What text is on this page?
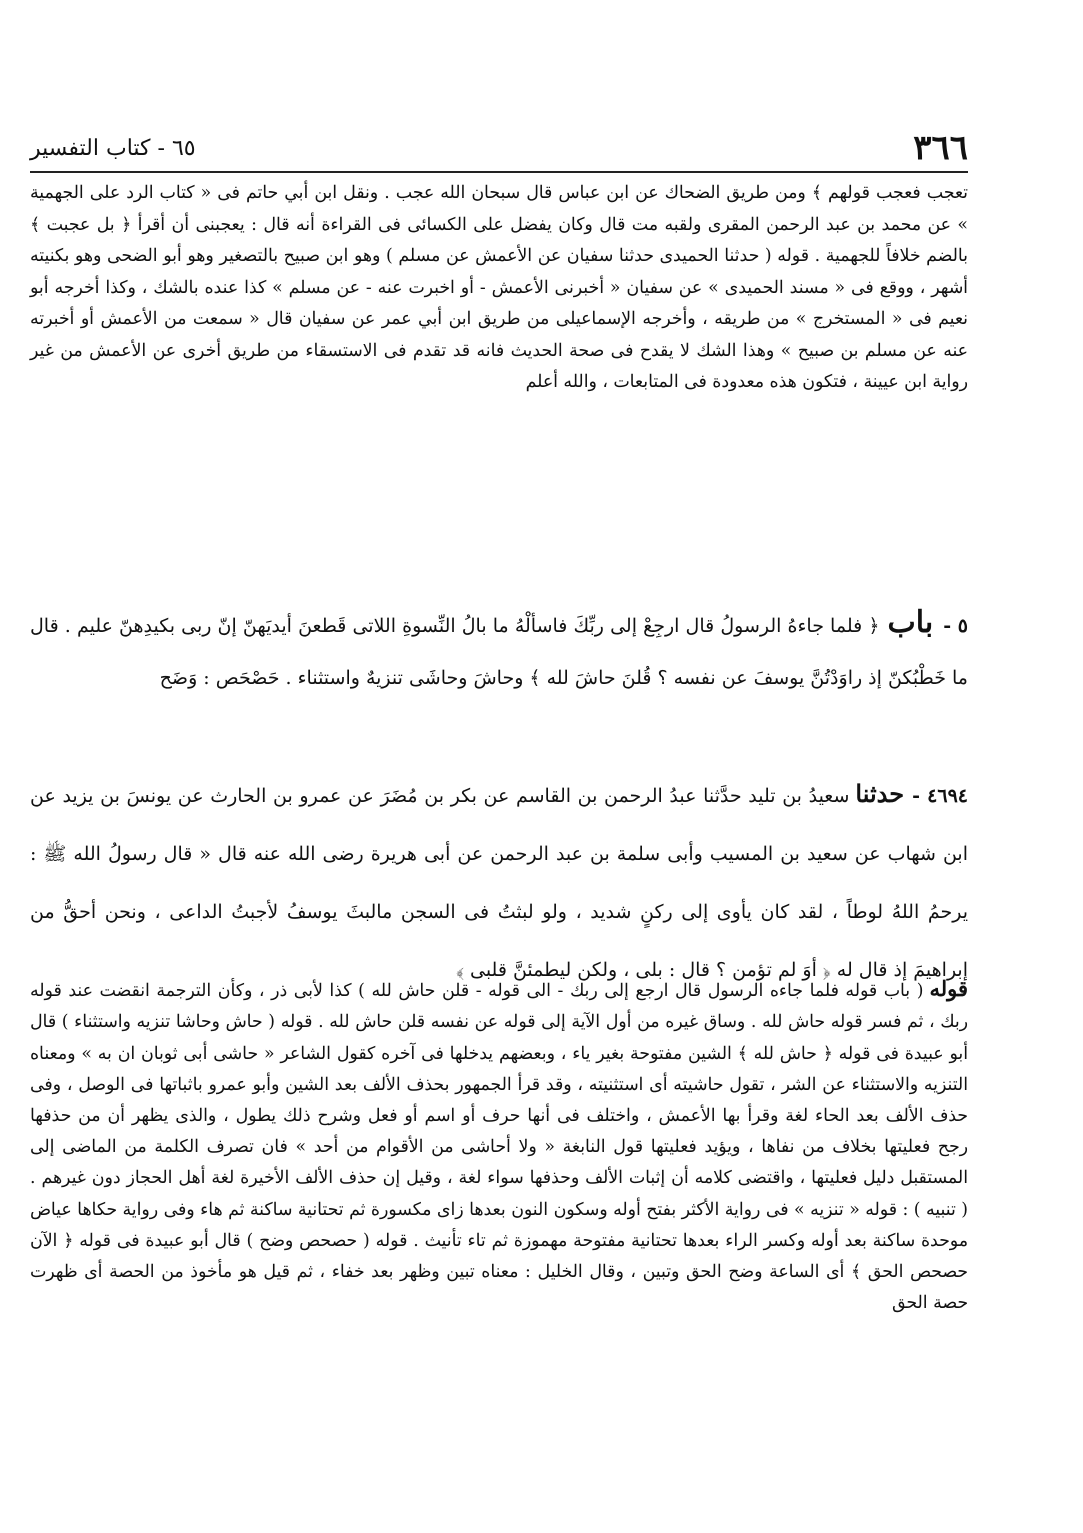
٣٦٦
٦٥ - كتاب التفسير
تعجب فعجب قولهم ﴾ ومن طريق الضحاك عن ابن عباس قال سبحان الله عجب . ونقل ابن أبي حاتم فى « كتاب الرد على الجهمية » عن محمد بن عبد الرحمن المقرى ولقبه مت قال وكان يفضل على الكسائى فى القراءة أنه قال : يعجبنى أن أقرأ ﴿ بل عجبت ﴾ بالضم خلافاً للجهمية . قوله ( حدثنا الحميدى حدثنا سفيان عن الأعمش عن مسلم ) وهو ابن صبيح بالتصغير وهو أبو الضحى وهو بكنيته أشهر ، ووقع فى « مسند الحميدى » عن سفيان « أخبرنى الأعمش - أو اخبرت عنه - عن مسلم » كذا عنده بالشك ، وكذا أخرجه أبو نعيم فى « المستخرج » من طريقه ، وأخرجه الإسماعيلى من طريق ابن أبي عمر عن سفيان قال « سمعت من الأعمش أو أخبرته عنه عن مسلم بن صبيح » وهذا الشك لا يقدح فى صحة الحديث فانه قد تقدم فى الاستسقاء من طريق أخرى عن الأعمش من غير رواية ابن عيينة ، فتكون هذه معدودة فى المتابعات ، والله أعلم

٥ -باب﴿ فلما جاءهُ الرسولُ قال ارجِعْ إلى ربِّكَ فاسألْهُ ما بالُ النِّسوةِ اللاتى قَطعنَ أيديَهنّ إنّ ربى بكيدِهنّ عليم . قال ما خَطْبُكنّ إذ راوَدْتُنَّ يوسفَ عن نفسه ؟ قُلنَ حاشَ لله ﴾ وحاشَ وحاشَى تنزيهٌ واستثناء . حَصْحَص : وَضَح

٤٦٩٤ -حدثناسعيدُ بن تليد حدَّثنا عبدُ الرحمن بن القاسم عن بكر بن مُضَرَ عن عمرو بن الحارث عن يونسَ بن يزيد عن ابن شهاب عن سعيد بن المسيب وأبى سلمة بن عبد الرحمن عن أبى هريرة رضى الله عنه قال « قال رسولُ الله ﷺ : يرحمُ اللهُ لوطاً ، لقد كان يأوى إلى ركنٍ شديد ، ولو لبثتُ فى السجن مالبثَ يوسفُ لأجبتُ الداعى ، ونحن أحقُّ من إبراهيمَ إذ قال له ﴿ أوَ لم تؤمن ؟ قال : بلى ، ولكن ليطمئنَّ قلبى ﴾

قوله( باب قوله فلما جاءه الرسول قال ارجع إلى ربك - الى قوله - قلن حاش لله ) كذا لأبى ذر ، وكأن الترجمة انقضت عند قوله ربك ، ثم فسر قوله حاش لله . وساق غيره من أول الآية إلى قوله عن نفسه قلن حاش لله . قوله ( حاش وحاشا تنزيه واستثناء ) قال أبو عبيدة فى قوله ﴿ حاش لله ﴾ الشين مفتوحة بغير ياء ، وبعضهم يدخلها فى آخره كقول الشاعر « حاشى أبى ثوبان ان به » ومعناه التنزيه والاستثناء عن الشر ، تقول حاشيته أى استثنيته ، وقد قرأ الجمهور بحذف الألف بعد الشين وأبو عمرو باثباتها فى الوصل ، وفى حذف الألف بعد الحاء لغة وقرأ بها الأعمش ، واختلف فى أنها حرف أو اسم أو فعل وشرح ذلك يطول ، والذى يظهر أن من حذفها رجح فعليتها بخلاف من نفاها ، ويؤيد فعليتها قول النابغة « ولا أحاشى من الأقوام من أحد » فان تصرف الكلمة من الماضى إلى المستقبل دليل فعليتها ، واقتضى كلامه أن إثبات الألف وحذفها سواء لغة ، وقيل إن حذف الألف الأخيرة لغة أهل الحجاز دون غيرهم . ( تنبيه ) : قوله « تنزيه » فى رواية الأكثر بفتح أوله وسكون النون بعدها زاى مكسورة ثم تحتانية ساكنة ثم هاء وفى رواية حكاها عياض موحدة ساكنة بعد أوله وكسر الراء بعدها تحتانية مفتوحة مهموزة ثم تاء تأنيث . قوله ( حصحص وضح ) قال أبو عبيدة فى قوله ﴿ الآن حصحص الحق ﴾ أى الساعة وضح الحق وتبين ، وقال الخليل : معناه تبين وظهر بعد خفاء ، ثم قيل هو مأخوذ من الحصة أى ظهرت حصة الحق
